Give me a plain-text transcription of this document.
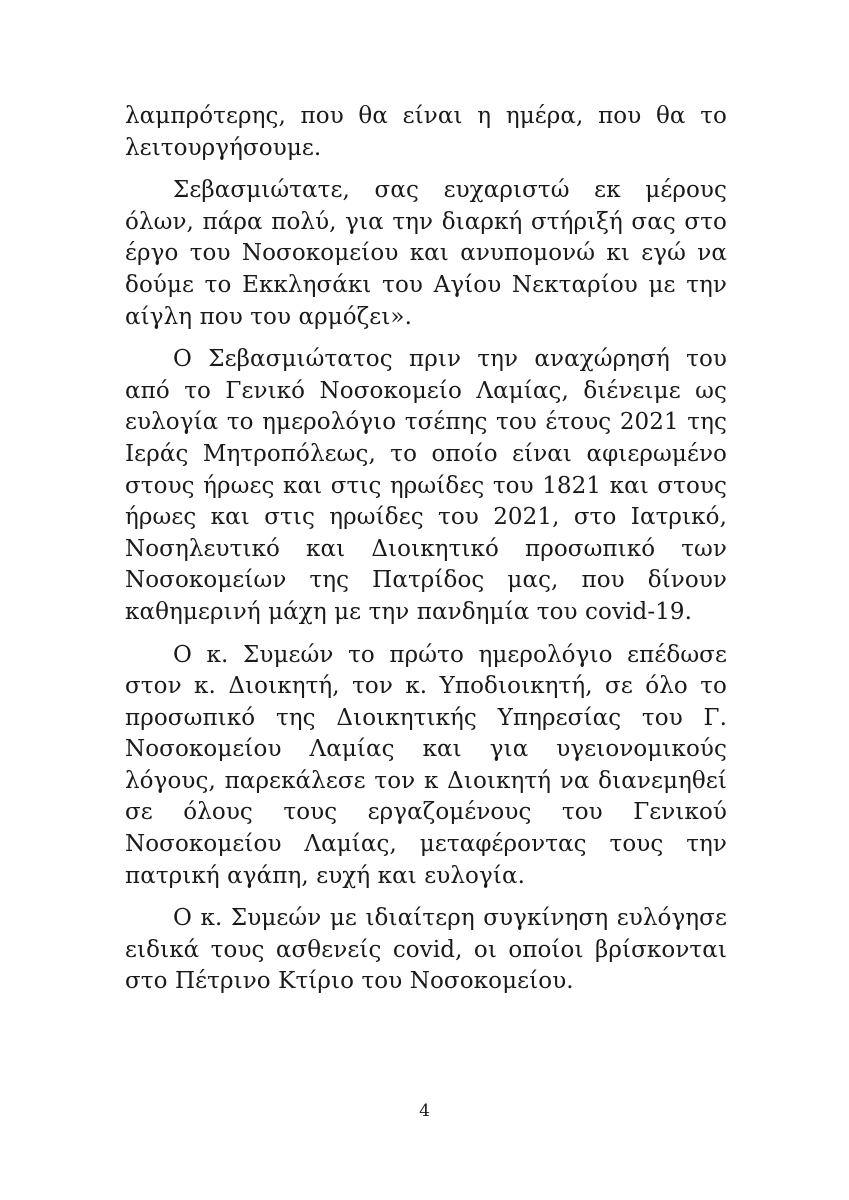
λαμπρότερης, που θα είναι η ημέρα, που θα το λειτουργήσουμε.

Σεβασμιώτατε, σας ευχαριστώ εκ μέρους όλων, πάρα πολύ, για την διαρκή στήριξή σας στο έργο του Νοσοκομείου και ανυπομονώ κι εγώ να δούμε το Εκκλησάκι του Αγίου Νεκταρίου με την αίγλη που του αρμόζει».

Ο Σεβασμιώτατος πριν την αναχώρησή του από το Γενικό Νοσοκομείο Λαμίας, διένειμε ως ευλογία το ημερολόγιο τσέπης του έτους 2021 της Ιεράς Μητροπόλεως, το οποίο είναι αφιερωμένο στους ήρωες και στις ηρωίδες του 1821 και στους ήρωες και στις ηρωίδες του 2021, στο Ιατρικό, Νοσηλευτικό και Διοικητικό προσωπικό των Νοσοκομείων της Πατρίδος μας, που δίνουν καθημερινή μάχη με την πανδημία του covid-19.

Ο κ. Συμεών το πρώτο ημερολόγιο επέδωσε στον κ. Διοικητή, τον κ. Υποδιοικητή, σε όλο το προσωπικό της Διοικητικής Υπηρεσίας του Γ. Νοσοκομείου Λαμίας και για υγειονομικούς λόγους, παρεκάλεσε τον κ Διοικητή να διανεμηθεί σε όλους τους εργαζομένους του Γενικού Νοσοκομείου Λαμίας, μεταφέροντας τους την πατρική αγάπη, ευχή και ευλογία.

Ο κ. Συμεών με ιδιαίτερη συγκίνηση ευλόγησε ειδικά τους ασθενείς covid, οι οποίοι βρίσκονται στο Πέτρινο Κτίριο του Νοσοκομείου.

4
